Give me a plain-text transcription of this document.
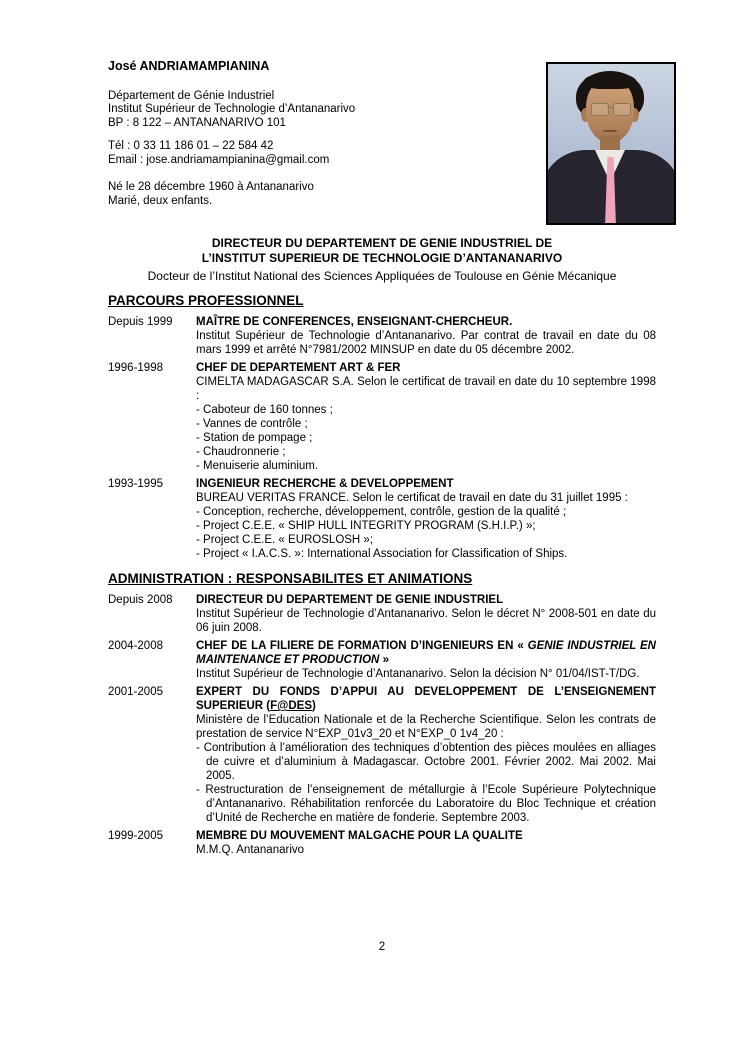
José ANDRIAMAMPIANINA
Département de Génie Industriel
Institut Supérieur de Technologie d’Antananarivo
BP : 8 122 – ANTANANARIVO 101
Tél : 0 33 11 186 01 – 22 584 42
Email : jose.andriamampianina@gmail.com
Né le 28 décembre 1960 à Antananarivo
Marié, deux enfants.
DIRECTEUR DU DEPARTEMENT DE GENIE INDUSTRIEL DE
L’INSTITUT SUPERIEUR DE TECHNOLOGIE D’ANTANANARIVO
Docteur de l’Institut National des Sciences Appliquées de Toulouse en Génie Mécanique
PARCOURS PROFESSIONNEL
Depuis 1999	MAÎTRE DE CONFERENCES, ENSEIGNANT-CHERCHEUR.
Institut Supérieur de Technologie d’Antananarivo. Par contrat de travail en date du 08 mars 1999 et arrêté N°7981/2002 MINSUP en date du 05 décembre 2002.
1996-1998	CHEF DE DEPARTEMENT ART & FER
CIMELTA MADAGASCAR S.A. Selon le certificat de travail en date du 10 septembre 1998 :
- Caboteur de 160 tonnes ;
- Vannes de contrôle ;
- Station de pompage ;
- Chaudronnerie ;
- Menuiserie aluminium.
1993-1995	INGENIEUR RECHERCHE & DEVELOPPEMENT
BUREAU VERITAS FRANCE. Selon le certificat de travail en date du 31 juillet 1995 :
- Conception, recherche, développement, contrôle, gestion de la qualité ;
- Project C.E.E. « SHIP HULL INTEGRITY PROGRAM (S.H.I.P.) »;
- Project C.E.E. « EUROSLOSH »;
- Project « I.A.C.S. »: International Association for Classification of Ships.
ADMINISTRATION : RESPONSABILITES ET ANIMATIONS
Depuis 2008	DIRECTEUR DU DEPARTEMENT DE GENIE INDUSTRIEL
Institut Supérieur de Technologie d’Antananarivo. Selon le décret N° 2008-501 en date du 06 juin 2008.
2004-2008	CHEF DE LA FILIERE DE FORMATION D’INGENIEURS EN « GENIE INDUSTRIEL EN MAINTENANCE ET PRODUCTION »
Institut Supérieur de Technologie d’Antananarivo. Selon la décision N° 01/04/IST-T/DG.
2001-2005	EXPERT DU FONDS D’APPUI AU DEVELOPPEMENT DE L’ENSEIGNEMENT SUPERIEUR (F@DES)
Ministère de l’Education Nationale et de la Recherche Scientifique. Selon les contrats de prestation de service N°EXP_01v3_20 et N°EXP_0 1v4_20 :
- Contribution à l’amélioration des techniques d’obtention des pièces moulées en alliages de cuivre et d’aluminium à Madagascar. Octobre 2001. Février 2002. Mai 2002. Mai 2005.
- Restructuration de l’enseignement de métallurgie à l’Ecole Supérieure Polytechnique d’Antananarivo. Réhabilitation renforcée du Laboratoire du Bloc Technique et création d’Unité de Recherche en matière de fonderie. Septembre 2003.
1999-2005	MEMBRE DU MOUVEMENT MALGACHE POUR LA QUALITE
M.M.Q. Antananarivo
2
